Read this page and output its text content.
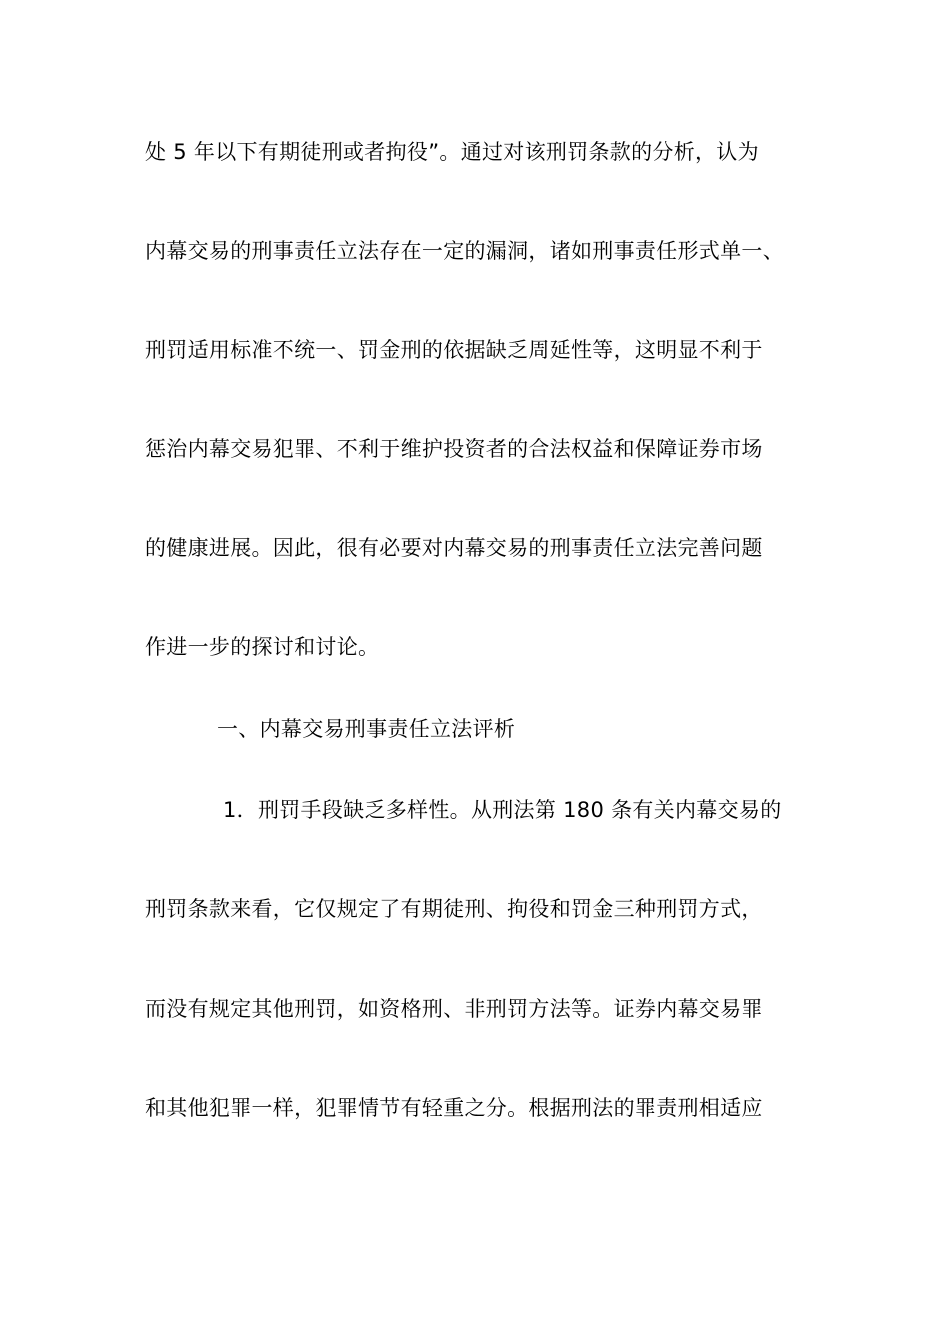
处 5 年以下有期徒刑或者拘役”。通过对该刑罚条款的分析，认为
内幕交易的刑事责任立法存在一定的漏洞，诸如刑事责任形式单一、
刑罚适用标准不统一、罚金刑的依据缺乏周延性等，这明显不利于
惩治内幕交易犯罪、不利于维护投资者的合法权益和保障证券市场
的健康进展。因此，很有必要对内幕交易的刑事责任立法完善问题
作进一步的探讨和讨论。
一、内幕交易刑事责任立法评析
1．刑罚手段缺乏多样性。从刑法第 180 条有关内幕交易的
刑罚条款来看，它仅规定了有期徒刑、拘役和罚金三种刑罚方式，
而没有规定其他刑罚，如资格刑、非刑罚方法等。证券内幕交易罪
和其他犯罪一样，犯罪情节有轻重之分。根据刑法的罪责刑相适应
